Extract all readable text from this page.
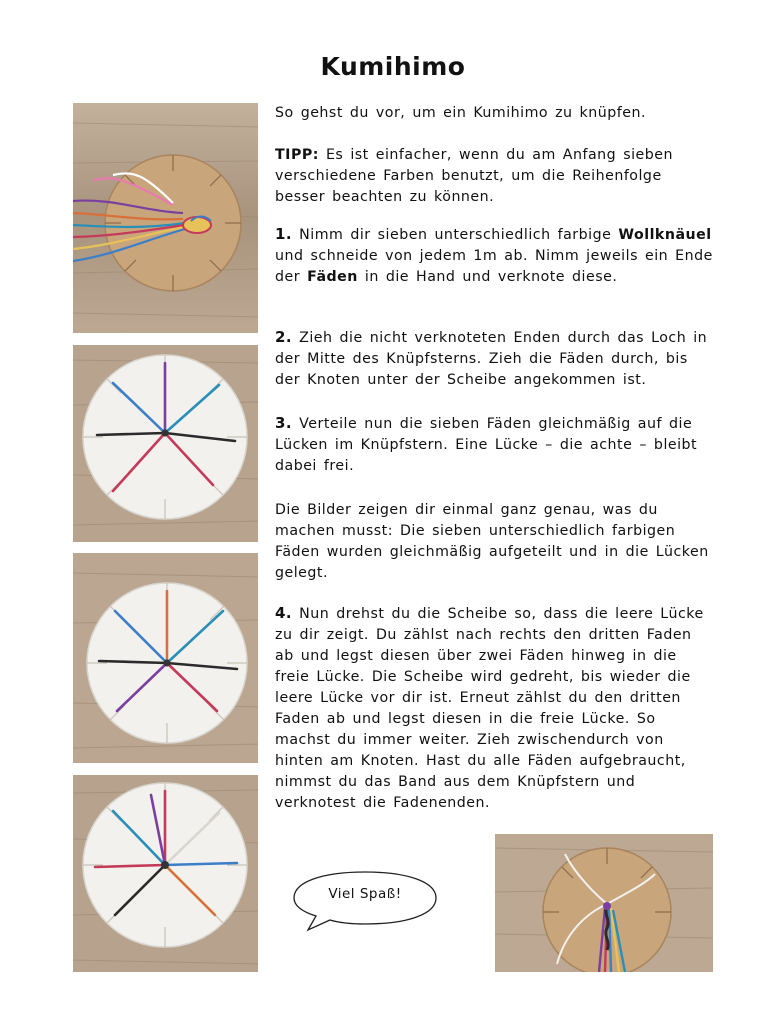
Kumihimo
So gehst du vor, um ein Kumihimo zu knüpfen.
TIPP: Es ist einfacher, wenn du am Anfang sieben verschiedene Farben benutzt, um die Reihenfolge besser beachten zu können.
1. Nimm dir sieben unterschiedlich farbige Wollknäuel und schneide von jedem 1m ab. Nimm jeweils ein Ende der Fäden in die Hand und verknote diese.
2. Zieh die nicht verknoteten Enden durch das Loch in der Mitte des Knüpfsterns. Zieh die Fäden durch, bis der Knoten unter der Scheibe angekommen ist.
3. Verteile nun die sieben Fäden gleichmäßig auf die Lücken im Knüpfstern. Eine Lücke – die achte – bleibt dabei frei.
Die Bilder zeigen dir einmal ganz genau, was du machen musst: Die sieben unterschiedlich farbigen Fäden wurden gleichmäßig aufgeteilt und in die Lücken gelegt.
4. Nun drehst du die Scheibe so, dass die leere Lücke zu dir zeigt. Du zählst nach rechts den dritten Faden ab und legst diesen über zwei Fäden hinweg in die freie Lücke. Die Scheibe wird gedreht, bis wieder die leere Lücke vor dir ist. Erneut zählst du den dritten Faden ab und legst diesen in die freie Lücke. So machst du immer weiter. Zieh zwischendurch von hinten am Knoten. Hast du alle Fäden aufgebraucht, nimmst du das Band aus dem Knüpfstern und verknotest die Fadenenden.
Viel Spaß!
